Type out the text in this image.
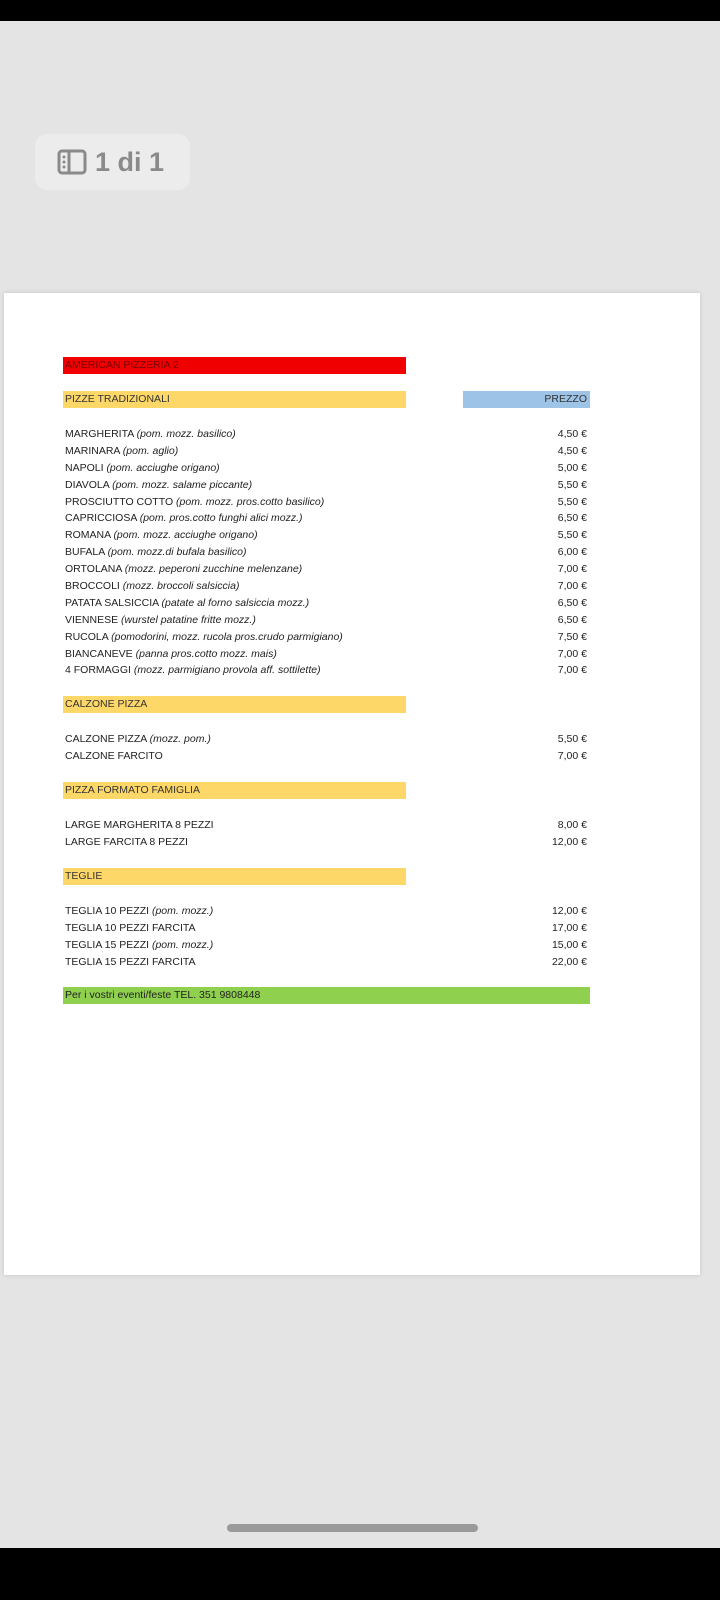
1 di 1
AMERICAN PIZZERIA 2
PIZZE TRADIZIONALI	PREZZO
MARGHERITA (pom. mozz. basilico)	4,50 €
MARINARA (pom. aglio)	4,50 €
NAPOLI (pom. acciughe origano)	5,00 €
DIAVOLA (pom. mozz. salame piccante)	5,50 €
PROSCIUTTO COTTO (pom. mozz. pros.cotto basilico)	5,50 €
CAPRICCIOSA (pom. pros.cotto funghi alici mozz.)	6,50 €
ROMANA (pom. mozz. acciughe origano)	5,50 €
BUFALA (pom. mozz.di bufala basilico)	6,00 €
ORTOLANA (mozz. peperoni zucchine melenzane)	7,00 €
BROCCOLI (mozz. broccoli salsiccia)	7,00 €
PATATA SALSICCIA (patate al forno salsiccia mozz.)	6,50 €
VIENNESE (wurstel patatine fritte mozz.)	6,50 €
RUCOLA (pomodorini, mozz. rucola pros.crudo parmigiano)	7,50 €
BIANCANEVE (panna pros.cotto mozz. mais)	7,00 €
4 FORMAGGI (mozz. parmigiano provola aff. sottilette)	7,00 €
CALZONE PIZZA
CALZONE PIZZA (mozz. pom.)	5,50 €
CALZONE FARCITO	7,00 €
PIZZA FORMATO FAMIGLIA
LARGE MARGHERITA 8 PEZZI	8,00 €
LARGE FARCITA 8 PEZZI	12,00 €
TEGLIE
TEGLIA 10 PEZZI (pom. mozz.)	12,00 €
TEGLIA 10 PEZZI FARCITA	17,00 €
TEGLIA 15 PEZZI (pom. mozz.)	15,00 €
TEGLIA 15 PEZZI FARCITA	22,00 €
Per i vostri eventi/feste TEL. 351 9808448
